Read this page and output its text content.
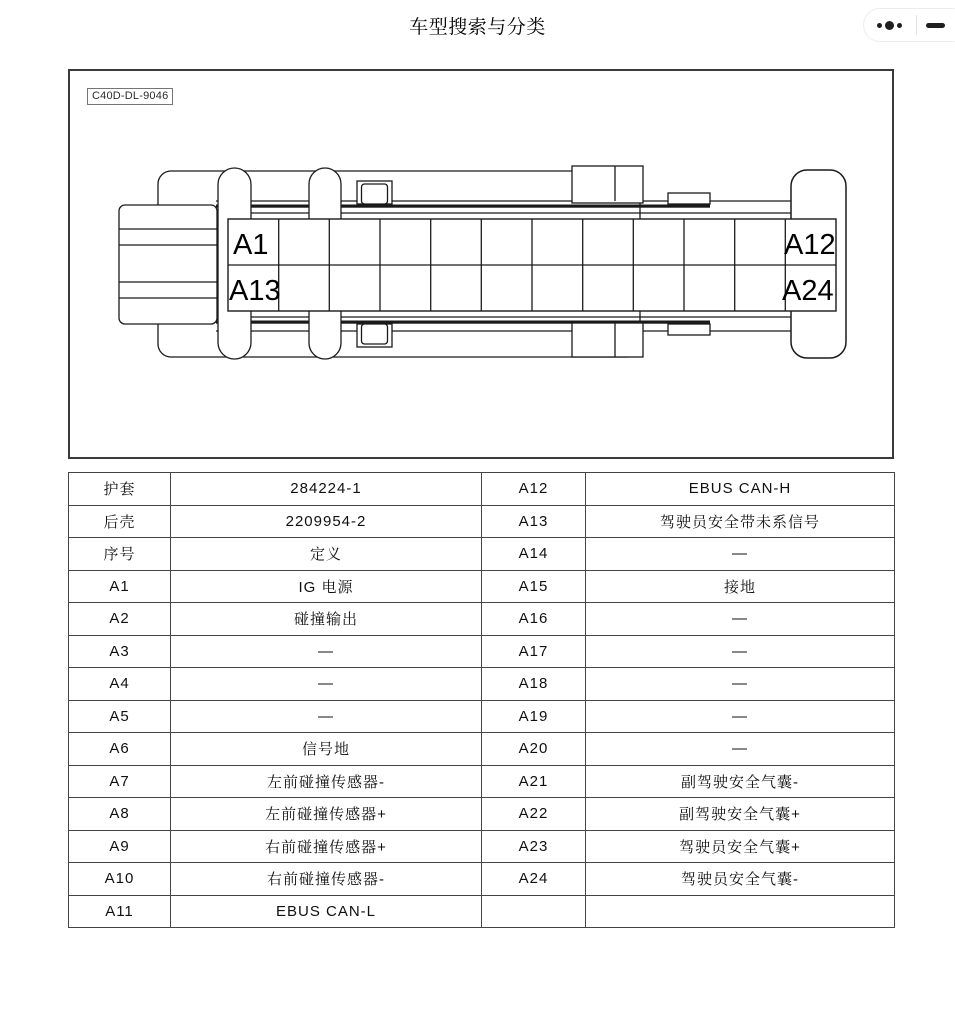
车型搜索与分类
C40D-DL-9046
A1	A12
A13	A24
护套	284224-1	A12	EBUS CAN-H
后壳	2209954-2	A13	驾驶员安全带未系信号
序号	定义	A14	—
A1	IG 电源	A15	接地
A2	碰撞输出	A16	—
A3	—	A17	—
A4	—	A18	—
A5	—	A19	—
A6	信号地	A20	—
A7	左前碰撞传感器-	A21	副驾驶安全气囊-
A8	左前碰撞传感器+	A22	副驾驶安全气囊+
A9	右前碰撞传感器+	A23	驾驶员安全气囊+
A10	右前碰撞传感器-	A24	驾驶员安全气囊-
A11	EBUS CAN-L		
